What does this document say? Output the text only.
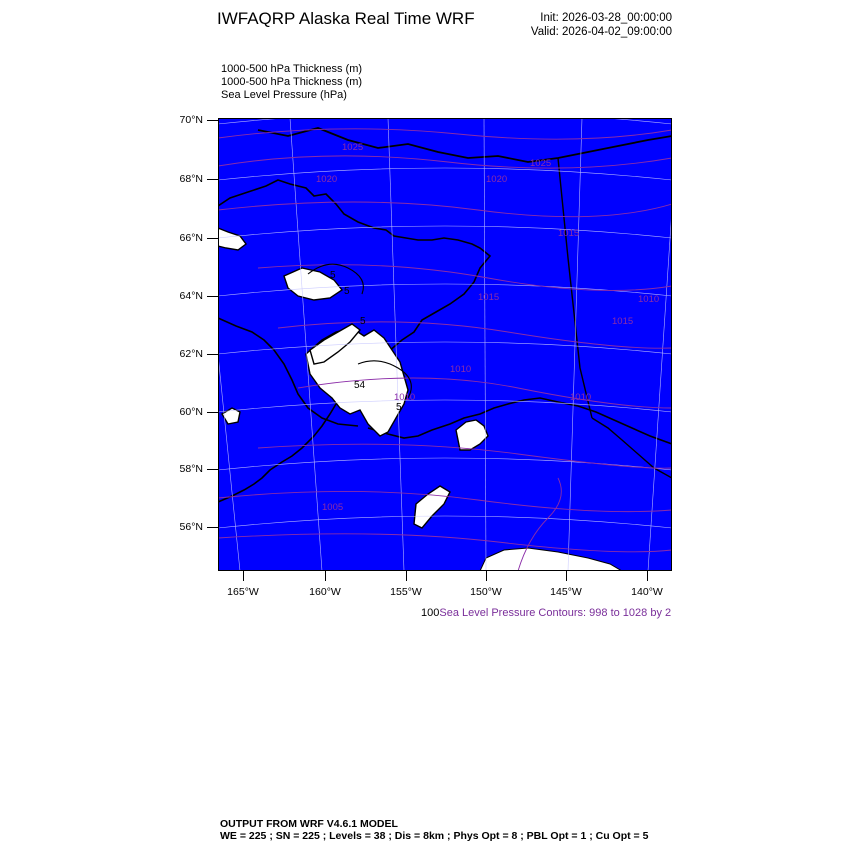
IWFAQRP Alaska Real Time WRF	Init: 2026-03-28_00:00:00
Valid: 2026-04-02_09:00:00
1000-500 hPa Thickness (m)
1000-500 hPa Thickness (m)
Sea Level Pressure (hPa)
1025
1020
1025
1020
1015
1010
1015
1010
1015
1010
1005
1010
5
5
5
54
5
70°N
68°N
66°N
64°N
62°N
60°N
58°N
56°N
165°W	160°W	155°W	150°W	145°W	140°W
100Sea Level Pressure Contours: 998 to 1028 by 2
OUTPUT FROM WRF V4.6.1 MODEL
WE = 225 ; SN = 225 ; Levels = 38 ; Dis = 8km ; Phys Opt = 8 ; PBL Opt = 1 ; Cu Opt = 5
